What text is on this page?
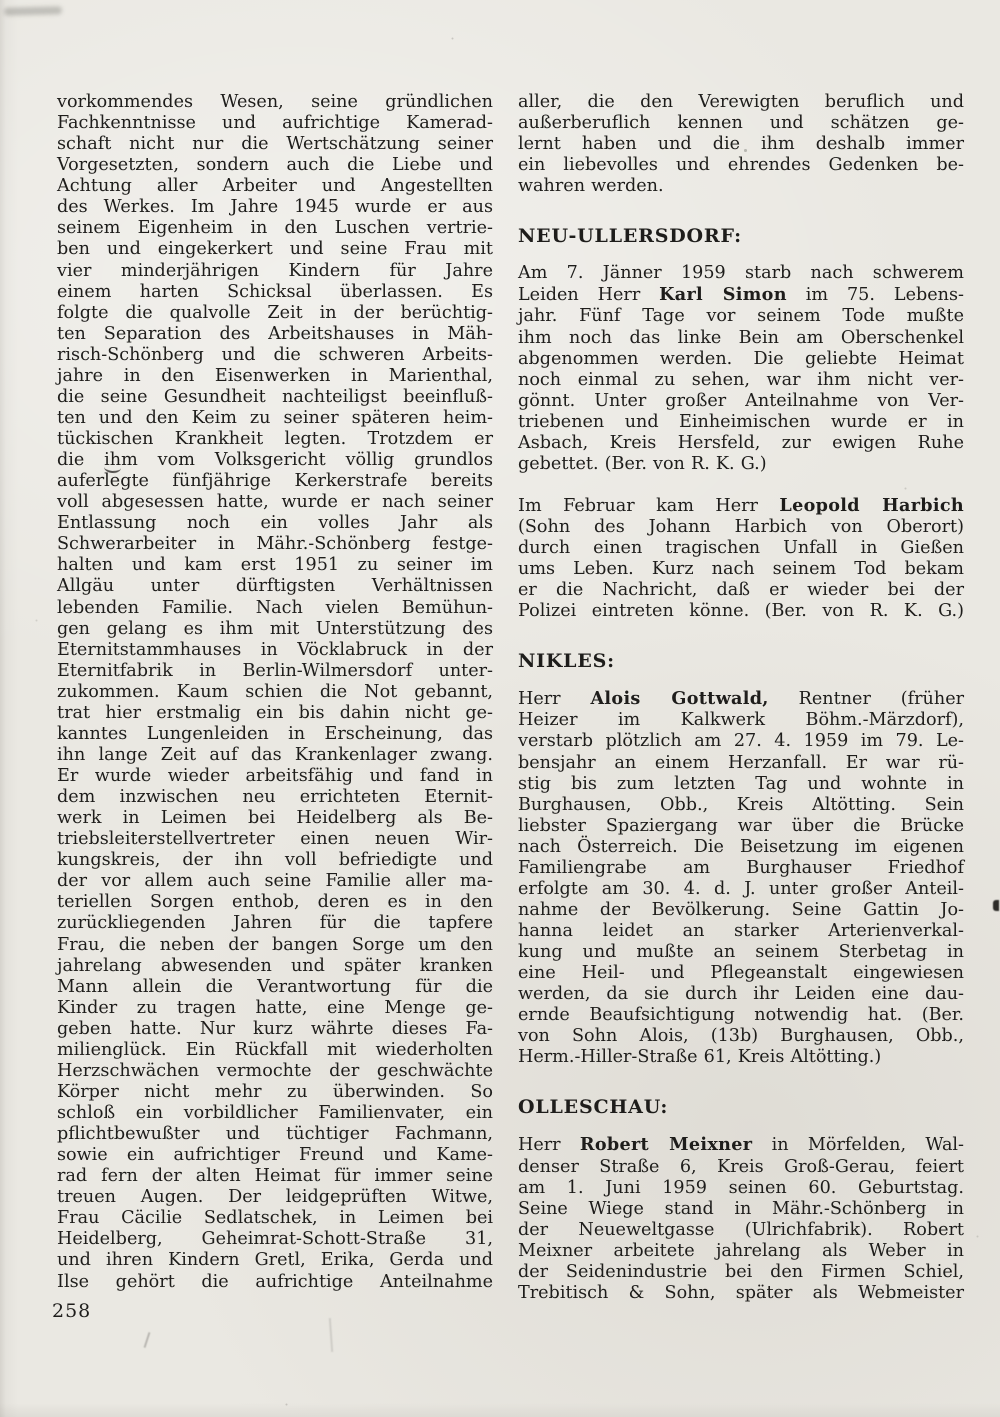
vorkommendes Wesen, seine gründlichen
Fachkenntnisse und aufrichtige Kamerad-
schaft nicht nur die Wertschätzung seiner
Vorgesetzten, sondern auch die Liebe und
Achtung aller Arbeiter und Angestellten
des Werkes. Im Jahre 1945 wurde er aus
seinem Eigenheim in den Luschen vertrie-
ben und eingekerkert und seine Frau mit
vier minderjährigen Kindern für Jahre
einem harten Schicksal überlassen. Es
folgte die qualvolle Zeit in der berüchtig-
ten Separation des Arbeitshauses in Mäh-
risch-Schönberg und die schweren Arbeits-
jahre in den Eisenwerken in Marienthal,
die seine Gesundheit nachteiligst beeinfluß-
ten und den Keim zu seiner späteren heim-
tückischen Krankheit legten. Trotzdem er
die ihm vom Volksgericht völlig grundlos
auferlegte fünfjährige Kerkerstrafe bereits
voll abgesessen hatte, wurde er nach seiner
Entlassung noch ein volles Jahr als
Schwerarbeiter in Mähr.-Schönberg festge-
halten und kam erst 1951 zu seiner im
Allgäu unter dürftigsten Verhältnissen
lebenden Familie. Nach vielen Bemühun-
gen gelang es ihm mit Unterstützung des
Eternitstammhauses in Vöcklabruck in der
Eternitfabrik in Berlin-Wilmersdorf unter-
zukommen. Kaum schien die Not gebannt,
trat hier erstmalig ein bis dahin nicht ge-
kanntes Lungenleiden in Erscheinung, das
ihn lange Zeit auf das Krankenlager zwang.
Er wurde wieder arbeitsfähig und fand in
dem inzwischen neu errichteten Eternit-
werk in Leimen bei Heidelberg als Be-
triebsleiterstellvertreter einen neuen Wir-
kungskreis, der ihn voll befriedigte und
der vor allem auch seine Familie aller ma-
teriellen Sorgen enthob, deren es in den
zurückliegenden Jahren für die tapfere
Frau, die neben der bangen Sorge um den
jahrelang abwesenden und später kranken
Mann allein die Verantwortung für die
Kinder zu tragen hatte, eine Menge ge-
geben hatte. Nur kurz währte dieses Fa-
milienglück. Ein Rückfall mit wiederholten
Herzschwächen vermochte der geschwächte
Körper nicht mehr zu überwinden. So
schloß ein vorbildlicher Familienvater, ein
pflichtbewußter und tüchtiger Fachmann,
sowie ein aufrichtiger Freund und Kame-
rad fern der alten Heimat für immer seine
treuen Augen. Der leidgeprüften Witwe,
Frau Cäcilie Sedlatschek, in Leimen bei
Heidelberg, Geheimrat-Schott-Straße 31,
und ihren Kindern Gretl, Erika, Gerda und
Ilse gehört die aufrichtige Anteilnahme
aller, die den Verewigten beruflich und
außerberuflich kennen und schätzen ge-
lernt haben und die ihm deshalb immer
ein liebevolles und ehrendes Gedenken be-
wahren werden.
NEU-ULLERSDORF:
Am 7. Jänner 1959 starb nach schwerem
Leiden Herr Karl Simon im 75. Lebens-
jahr. Fünf Tage vor seinem Tode mußte
ihm noch das linke Bein am Oberschenkel
abgenommen werden. Die geliebte Heimat
noch einmal zu sehen, war ihm nicht ver-
gönnt. Unter großer Anteilnahme von Ver-
triebenen und Einheimischen wurde er in
Asbach, Kreis Hersfeld, zur ewigen Ruhe
gebettet. (Ber. von R. K. G.)
Im Februar kam Herr Leopold Harbich
(Sohn des Johann Harbich von Oberort)
durch einen tragischen Unfall in Gießen
ums Leben. Kurz nach seinem Tod bekam
er die Nachricht, daß er wieder bei der
Polizei eintreten könne. (Ber. von R. K. G.)
NIKLES:
Herr Alois Gottwald, Rentner (früher
Heizer im Kalkwerk Böhm.-Märzdorf),
verstarb plötzlich am 27. 4. 1959 im 79. Le-
bensjahr an einem Herzanfall. Er war rü-
stig bis zum letzten Tag und wohnte in
Burghausen, Obb., Kreis Altötting. Sein
liebster Spaziergang war über die Brücke
nach Österreich. Die Beisetzung im eigenen
Familiengrabe am Burghauser Friedhof
erfolgte am 30. 4. d. J. unter großer Anteil-
nahme der Bevölkerung. Seine Gattin Jo-
hanna leidet an starker Arterienverkal-
kung und mußte an seinem Sterbetag in
eine Heil- und Pflegeanstalt eingewiesen
werden, da sie durch ihr Leiden eine dau-
ernde Beaufsichtigung notwendig hat. (Ber.
von Sohn Alois, (13b) Burghausen, Obb.,
Herm.-Hiller-Straße 61, Kreis Altötting.)
OLLESCHAU:
Herr Robert Meixner in Mörfelden, Wal-
denser Straße 6, Kreis Groß-Gerau, feiert
am 1. Juni 1959 seinen 60. Geburtstag.
Seine Wiege stand in Mähr.-Schönberg in
der Neueweltgasse (Ulrichfabrik). Robert
Meixner arbeitete jahrelang als Weber in
der Seidenindustrie bei den Firmen Schiel,
Trebitisch & Sohn, später als Webmeister
258
